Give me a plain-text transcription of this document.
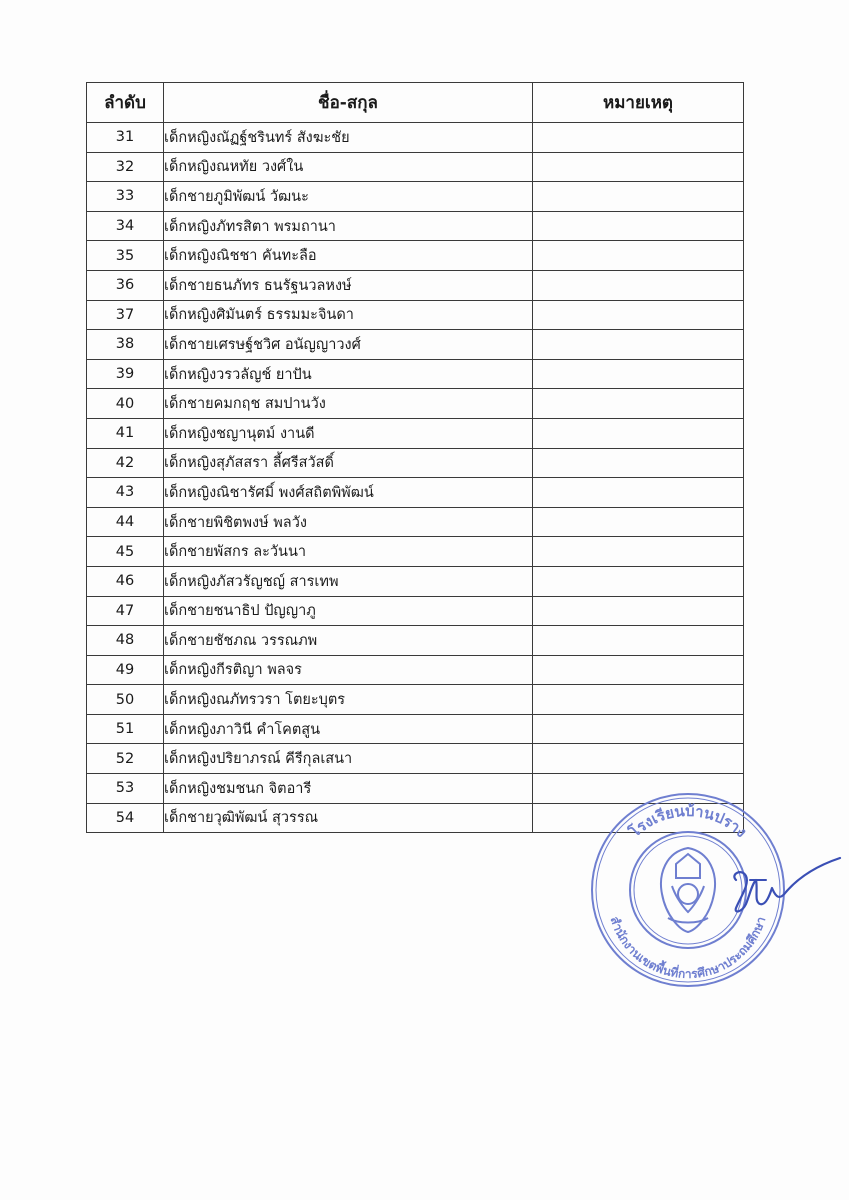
ลำดับ	ชื่อ-สกุล	หมายเหตุ
31	เด็กหญิงณัฏฐ์ชรินทร์ สังฆะชัย	
32	เด็กหญิงณหทัย วงศ์ใน	
33	เด็กชายภูมิพัฒน์ วัฒนะ	
34	เด็กหญิงภัทรสิตา พรมถานา	
35	เด็กหญิงณิชชา คันทะลือ	
36	เด็กชายธนภัทร ธนรัฐนวลหงษ์	
37	เด็กหญิงศิมันตร์ ธรรมมะจินดา	
38	เด็กชายเศรษฐ์ชวิศ อนัญญาวงศ์	
39	เด็กหญิงวรวลัญช์ ยาปัน	
40	เด็กชายคมกฤช สมปานวัง	
41	เด็กหญิงชญานุตม์ งานดี	
42	เด็กหญิงสุภัสสรา ลี้ศรีสวัสดิ์	
43	เด็กหญิงณิชารัศมิ์ พงศ์สถิตพิพัฒน์	
44	เด็กชายพิชิตพงษ์ พลวัง	
45	เด็กชายพัสกร ละวันนา	
46	เด็กหญิงภัสวรัญชญ์ สารเทพ	
47	เด็กชายชนาธิป ปัญญาภู	
48	เด็กชายชัชภณ วรรณภพ	
49	เด็กหญิงกีรติญา พลจร	
50	เด็กหญิงณภัทรวรา โตยะบุตร	
51	เด็กหญิงภาวินี คำโคตสูน	
52	เด็กหญิงปริยาภรณ์ คีรีกุลเสนา	
53	เด็กหญิงชมชนก จิตอารี	
54	เด็กชายวุฒิพัฒน์ สุวรรณ	
โรงเรียนบ้านปราง
สำนักงานเขตพื้นที่การศึกษาประถมศึกษา
